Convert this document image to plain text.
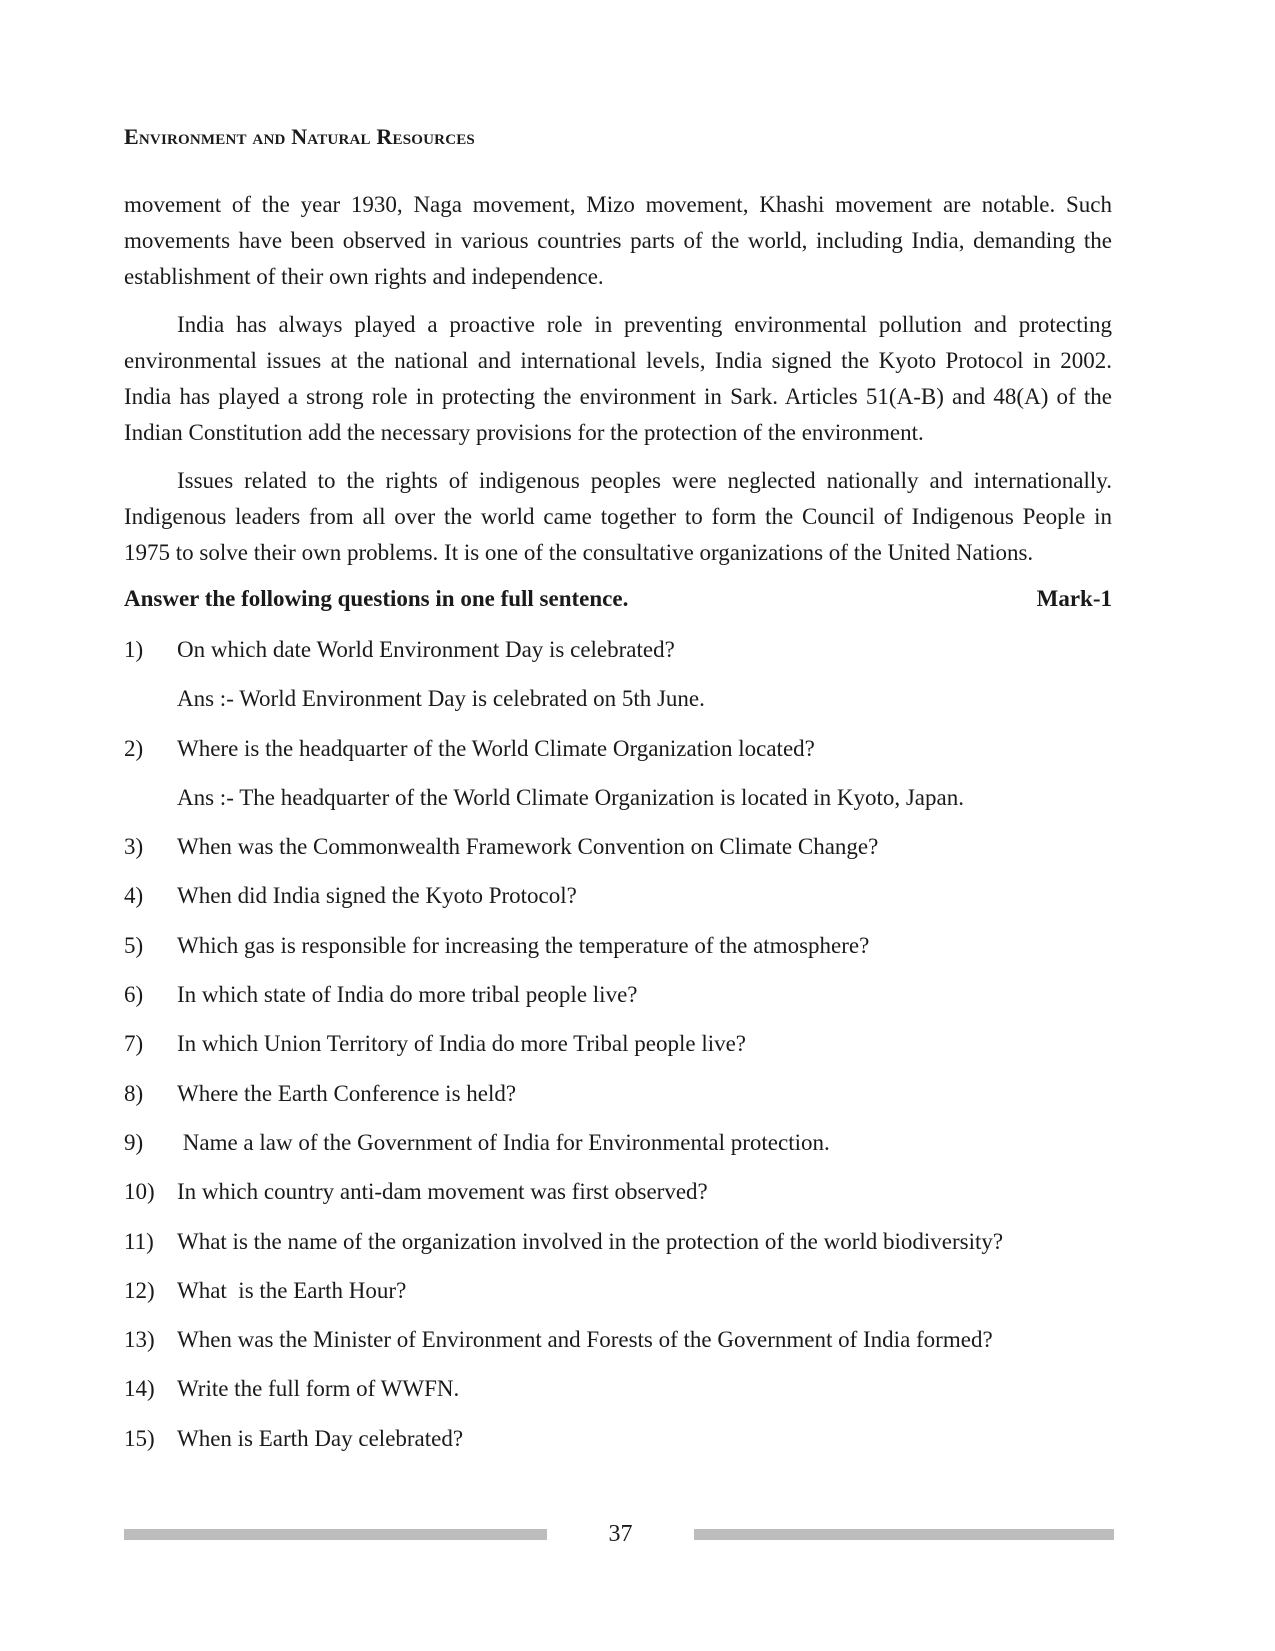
Environment and Natural Resources

movement of the year 1930, Naga movement, Mizo movement, Khashi movement are notable. Such movements have been observed in various countries parts of the world, including India, demanding the establishment of their own rights and independence.

India has always played a proactive role in preventing environmental pollution and protecting environmental issues at the national and international levels, India signed the Kyoto Protocol in 2002. India has played a strong role in protecting the environment in Sark. Articles 51(A-B) and 48(A) of the Indian Constitution add the necessary provisions for the protection of the environment.

Issues related to the rights of indigenous peoples were neglected nationally and internationally. Indigenous leaders from all over the world came together to form the Council of Indigenous People in 1975 to solve their own problems. It is one of the consultative organizations of the United Nations.

Answer the following questions in one full sentence.	Mark-1
1) On which date World Environment Day is celebrated?
Ans :- World Environment Day is celebrated on 5th June.
2) Where is the headquarter of the World Climate Organization located?
Ans :- The headquarter of the World Climate Organization is located in Kyoto, Japan.
3) When was the Commonwealth Framework Convention on Climate Change?
4) When did India signed the Kyoto Protocol?
5) Which gas is responsible for increasing the temperature of the atmosphere?
6) In which state of India do more tribal people live?
7) In which Union Territory of India do more Tribal people live?
8) Where the Earth Conference is held?
9) Name a law of the Government of India for Environmental protection.
10) In which country anti-dam movement was first observed?
11) What is the name of the organization involved in the protection of the world biodiversity?
12) What  is the Earth Hour?
13) When was the Minister of Environment and Forests of the Government of India formed?
14) Write the full form of WWFN.
15) When is Earth Day celebrated?
37
